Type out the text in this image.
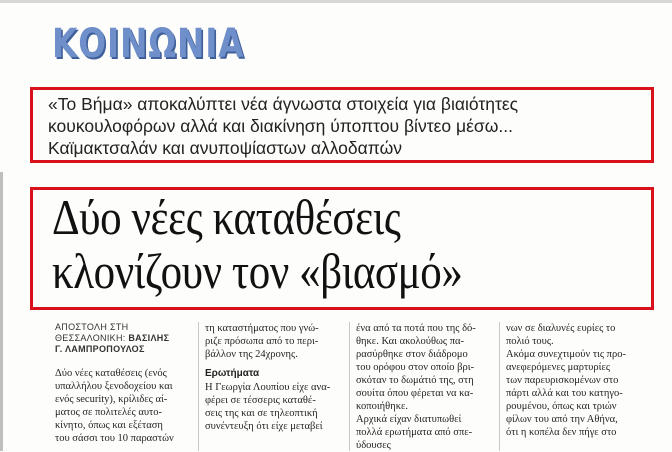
ΚΟΙΝΩΝΙΑ
«Το Βήμα» αποκαλύπτει νέα άγνωστα στοιχεία για βιαιότητες
κουκουλοφόρων αλλά και διακίνηση ύποπτου βίντεο μέσω...
Καϊμακτσαλάν και ανυποψίαστων αλλοδαπών
Δύο νέες καταθέσεις
κλονίζουν τον «βιασμό»
ΑΠΟΣΤΟΛΗ ΣΤΗ
ΘΕΣΣΑΛΟΝΙΚΗ: ΒΑΣΙΛΗΣ
Γ. ΛΑΜΠΡΟΠΟΥΛΟΣ

Δύο νέες καταθέσεις (ενός
υπαλλήλου ξενοδοχείου και
ενός security), κρίλιδες αί-
ματος σε πολιτελές αυτο-
κίνητο, όπως και εξέταση
του σάσσι του 10 παραστών

τη καταστήματος που γνώ-
ριζε πρόσωπα από το περι-
βάλλον της 24χρονης.

Ερωτήματα

Η Γεωργία Λουπίου είχε ανα-
φέρει σε τέσσερις καταθέ-
σεις της και σε τηλεοπτική
συνέντευξη ότι είχε μεταβεί

ένα από τα ποτά που της δό-
θηκε. Και ακολούθως πα-
ρασύρθηκε στον διάδρομο
του ορόφου στον οποίο βρι-
σκόταν το δωμάτιό της, στη
σουίτα όπου φέρεται να κα-
κοποιήθηκε.
Αρχικά είχαν διατυπωθεί
πολλά ερωτήματα από σπε-
ύδουσες

νων σε διαλυνές ευρίες το
πολιό τους.
Ακόμα συνεχτιμούν τις προ-
ανεφερόμενες μαρτυρίες
των παρευρισκομένων στο
πάρτι αλλά και του κατηγο-
ρουμένου, όπως και τριών
φίλων του από την Αθήνα,
ότι η κοπέλα δεν πήγε στο
